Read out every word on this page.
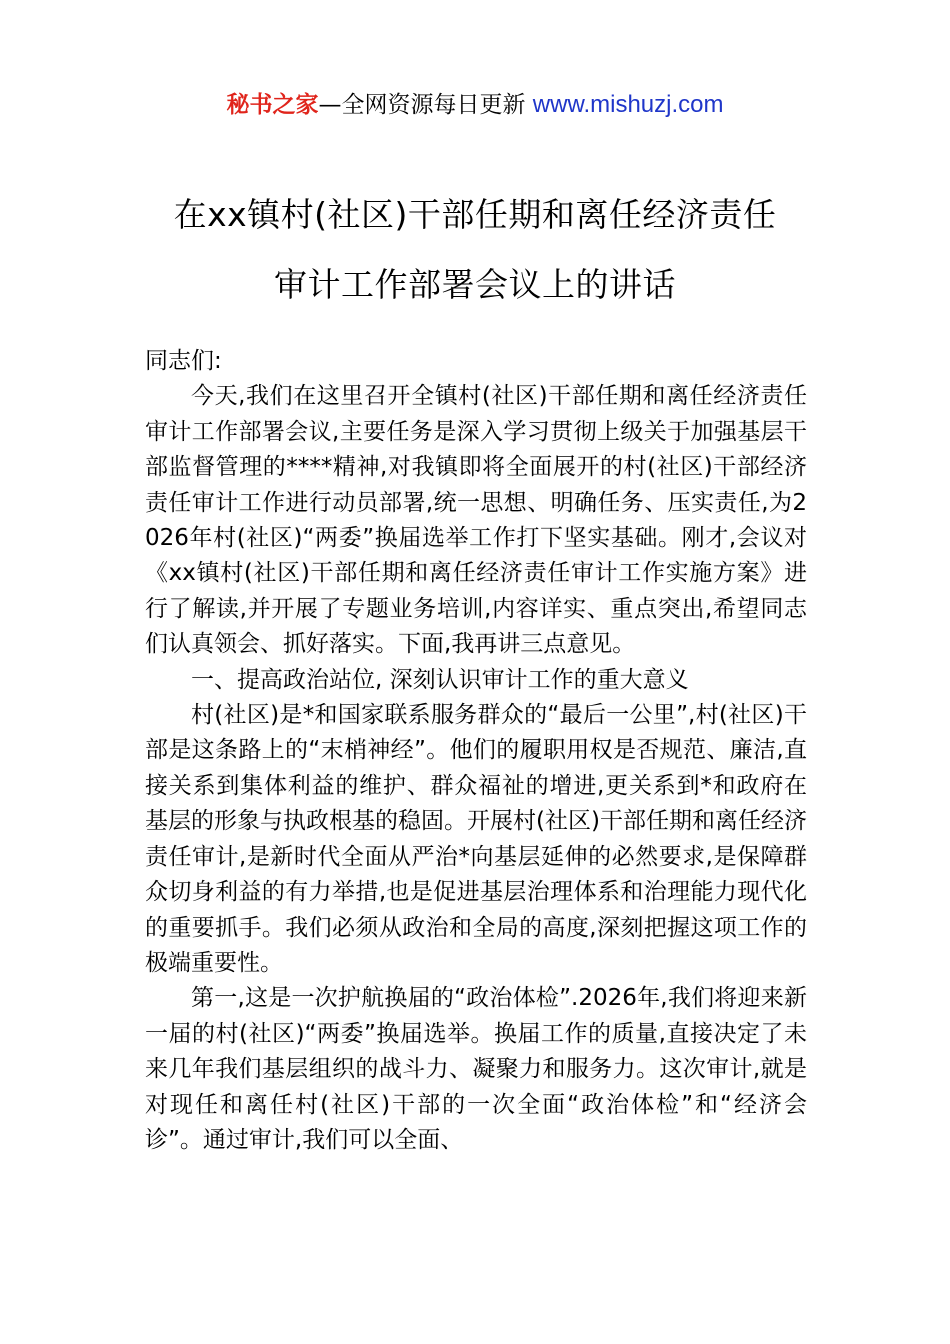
秘书之家—全网资源每日更新 www.mishuzj.com
在xx镇村(社区)干部任期和离任经济责任
审计工作部署会议上的讲话

同志们:

今天,我们在这里召开全镇村(社区)干部任期和离任经济责任审计工作部署会议,主要任务是深入学习贯彻上级关于加强基层干部监督管理的****精神,对我镇即将全面展开的村(社区)干部经济责任审计工作进行动员部署,统一思想、明确任务、压实责任,为2026年村(社区)“两委”换届选举工作打下坚实基础。刚才,会议对《xx镇村(社区)干部任期和离任经济责任审计工作实施方案》进行了解读,并开展了专题业务培训,内容详实、重点突出,希望同志们认真领会、抓好落实。下面,我再讲三点意见。

一、提高政治站位, 深刻认识审计工作的重大意义

村(社区)是*和国家联系服务群众的“最后一公里”,村(社区)干部是这条路上的“末梢神经”。他们的履职用权是否规范、廉洁,直接关系到集体利益的维护、群众福祉的增进,更关系到*和政府在基层的形象与执政根基的稳固。开展村(社区)干部任期和离任经济责任审计,是新时代全面从严治*向基层延伸的必然要求,是保障群众切身利益的有力举措,也是促进基层治理体系和治理能力现代化的重要抓手。我们必须从政治和全局的高度,深刻把握这项工作的极端重要性。

第一,这是一次护航换届的“政治体检”.2026年,我们将迎来新一届的村(社区)“两委”换届选举。换届工作的质量,直接决定了未来几年我们基层组织的战斗力、凝聚力和服务力。这次审计,就是对现任和离任村(社区)干部的一次全面“政治体检”和“经济会诊”。通过审计,我们可以全面、
